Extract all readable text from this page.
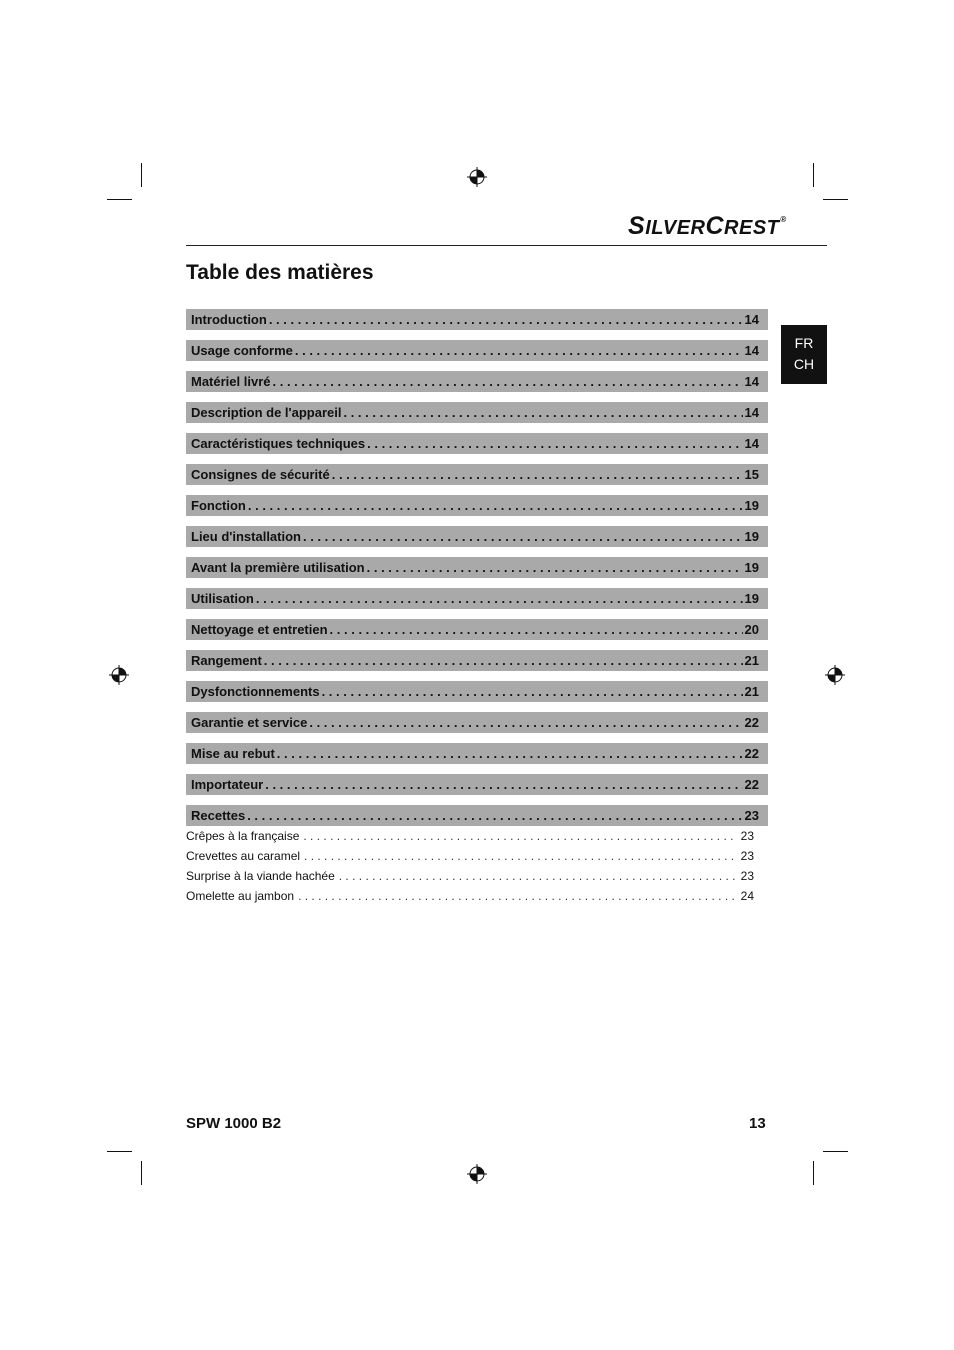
SILVERCREST®
Table des matières
FR
CH
Introduction . . .	14
Usage conforme . . .	14
Matériel livré . . .	14
Description de l'appareil . . .	14
Caractéristiques techniques . . .	14
Consignes de sécurité . . .	15
Fonction . . .	19
Lieu d'installation . . .	19
Avant la première utilisation . . .	19
Utilisation . . .	19
Nettoyage et entretien . . .	20
Rangement . . .	21
Dysfonctionnements . . .	21
Garantie et service . . .	22
Mise au rebut . . .	22
Importateur . . .	22
Recettes . . .	23
Crêpes à la française . . .	23
Crevettes au caramel . . .	23
Surprise à la viande hachée . . .	23
Omelette au jambon . . .	24
SPW 1000 B2	13
